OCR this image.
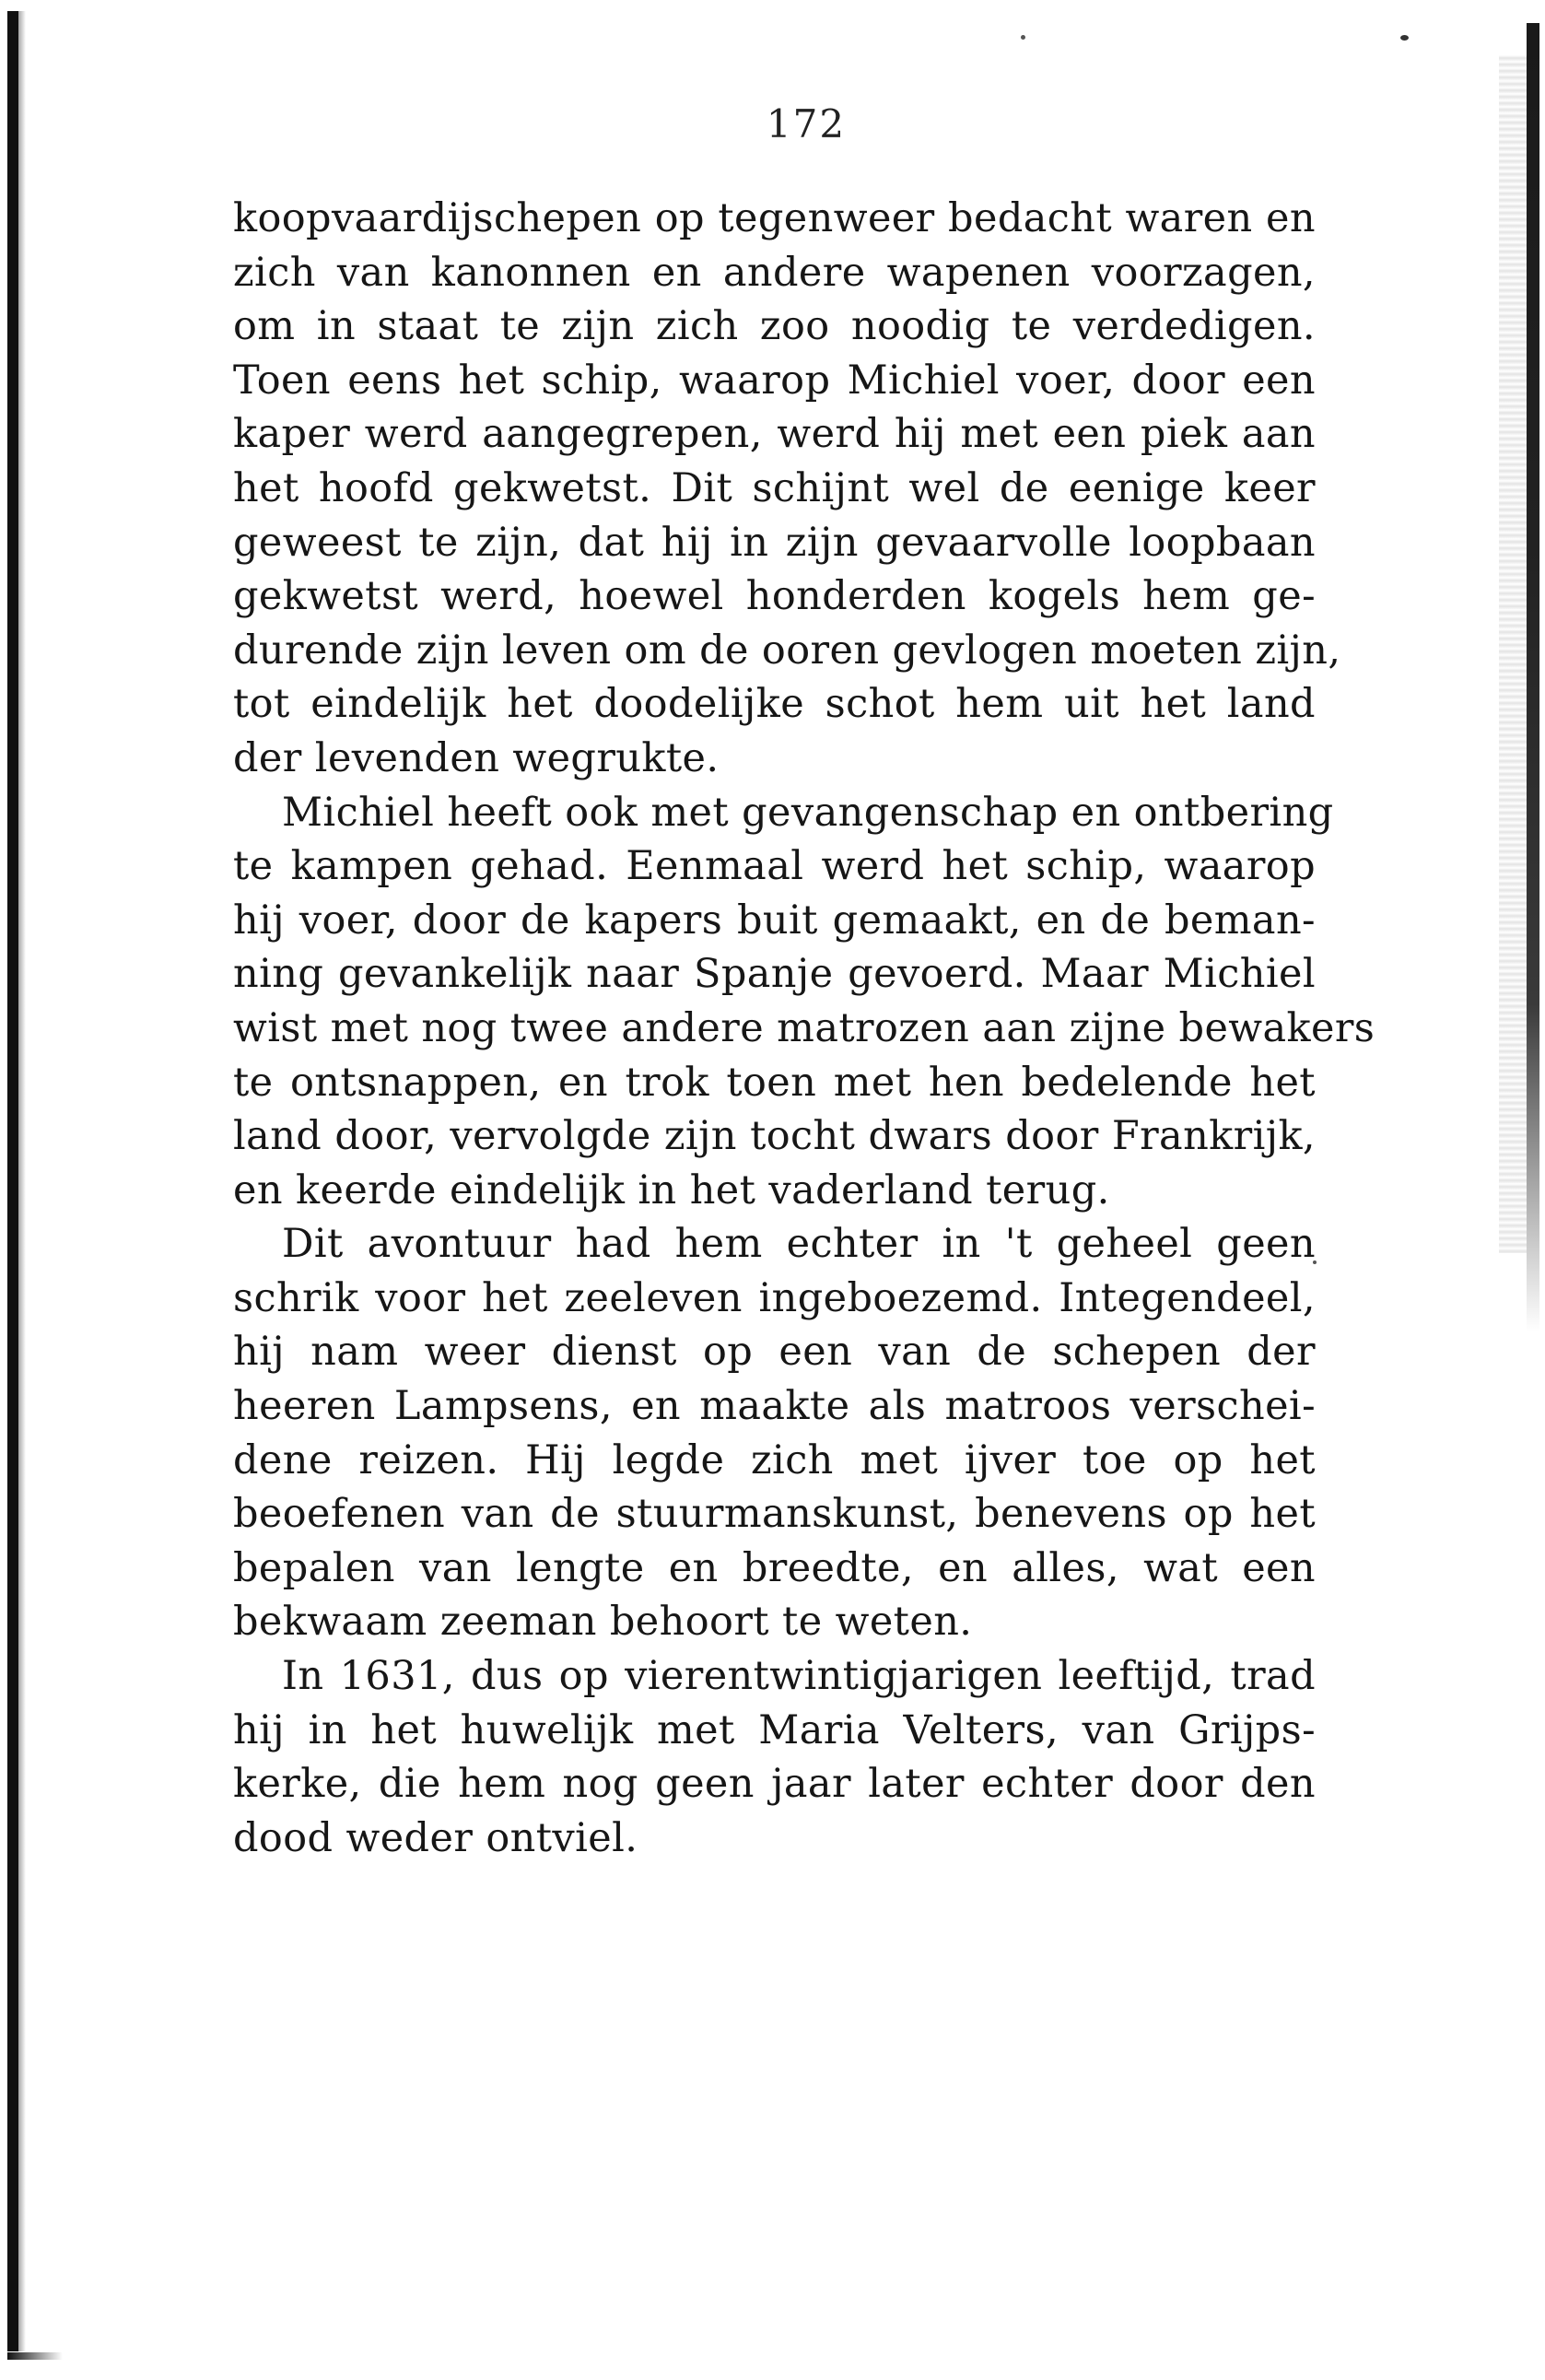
172
koopvaardijschepen op tegenweer bedacht waren en
zich van kanonnen en andere wapenen voorzagen,
om in staat te zijn zich zoo noodig te verdedigen.
Toen eens het schip, waarop Michiel voer, door een
kaper werd aangegrepen, werd hij met een piek aan
het hoofd gekwetst. Dit schijnt wel de eenige keer
geweest te zijn, dat hij in zijn gevaarvolle loopbaan
gekwetst werd, hoewel honderden kogels hem ge-
durende zijn leven om de ooren gevlogen moeten zijn,
tot eindelijk het doodelijke schot hem uit het land
der levenden wegrukte.
Michiel heeft ook met gevangenschap en ontbering
te kampen gehad. Eenmaal werd het schip, waarop
hij voer, door de kapers buit gemaakt, en de beman-
ning gevankelijk naar Spanje gevoerd. Maar Michiel
wist met nog twee andere matrozen aan zijne bewakers
te ontsnappen, en trok toen met hen bedelende het
land door, vervolgde zijn tocht dwars door Frankrijk,
en keerde eindelijk in het vaderland terug.
Dit avontuur had hem echter in 't geheel geen
schrik voor het zeeleven ingeboezemd. Integendeel,
hij nam weer dienst op een van de schepen der
heeren Lampsens, en maakte als matroos verschei-
dene reizen. Hij legde zich met ijver toe op het
beoefenen van de stuurmanskunst, benevens op het
bepalen van lengte en breedte, en alles, wat een
bekwaam zeeman behoort te weten.
In 1631, dus op vierentwintigjarigen leeftijd, trad
hij in het huwelijk met Maria Velters, van Grijps-
kerke, die hem nog geen jaar later echter door den
dood weder ontviel.
